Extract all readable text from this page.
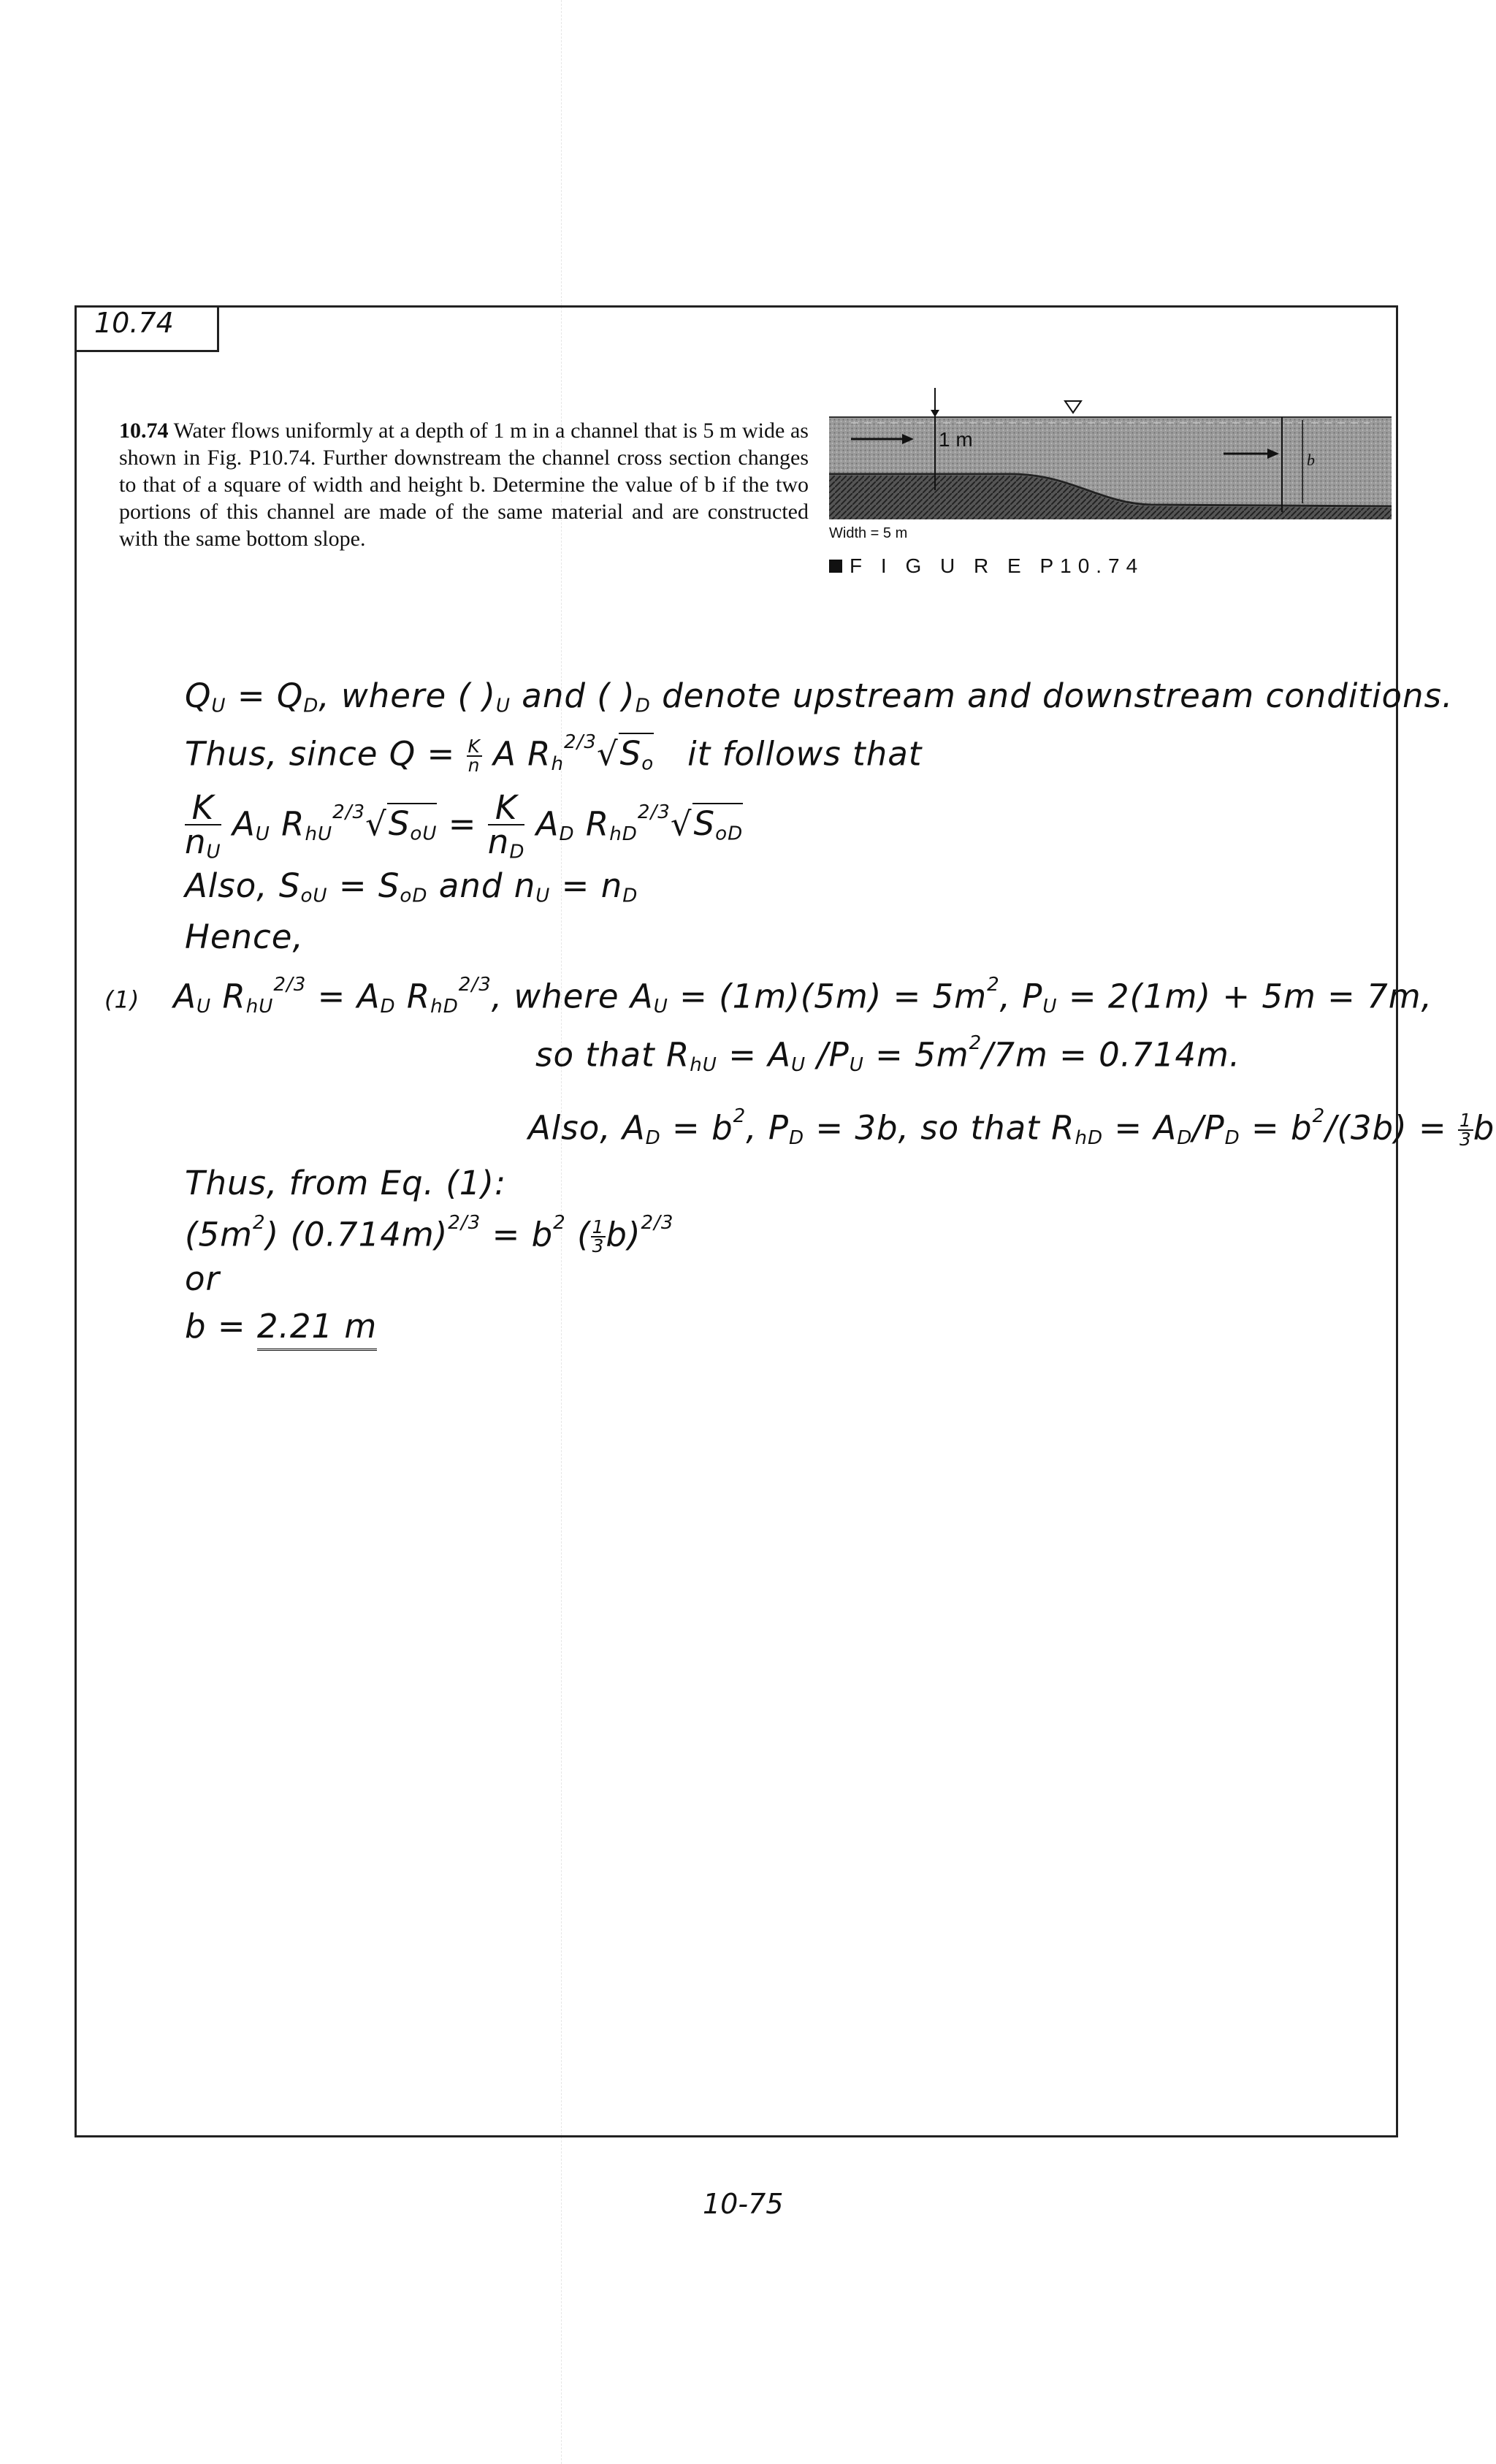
10.74
10.74 Water flows uniformly at a depth of 1 m in a channel that is 5 m wide as shown in Fig. P10.74. Further downstream the channel cross section changes to that of a square of width and height b. Determine the value of b if the two portions of this channel are made of the same material and are constructed with the same bottom slope.
1 m
b
Width = 5 m
F I G U R E P10.74
$Q_U = Q_D$, where ( )$_U$ and ( )$_D$ denote upstream and downstream conditions.
Thus, since $Q = \frac{K}{n}$ A $R_h^{2/3}√S_o$ it follows that
$\frac{K}{n_U} A_U$ $R_{hU}^{2/3}√S_{oU} = \frac{K}{n_D} A_D$ $R_{hD}^{2/3}√S_{oD}$
Also, $S_{oU} = S_{oD}$ and $n_U = n_D$
Hence,
(1) $A_U$ $R_{hU}^{2/3} = A_D$ $R_{hD}^{2/3}$, where $A_U = (1m)(5m) = 5m^2$, $P_U = 2(1m) + 5m = 7m$,
so that $R_{hU} = A_U$ $/P_U = 5m^2/7m = 0.714m$.
Also, $A_D = b^2$, $P_D = 3b$, so that $R_{hD} = A_D/P_D = b^2/(3b) = \frac{1}{3}$ b
Thus, from Eq. (1):
$(5m^2) (0.714m)^{2/3} = b^2$ ( $\frac{1}{3} b)^{2/3}$
or
b = 2.21 m
10-75
